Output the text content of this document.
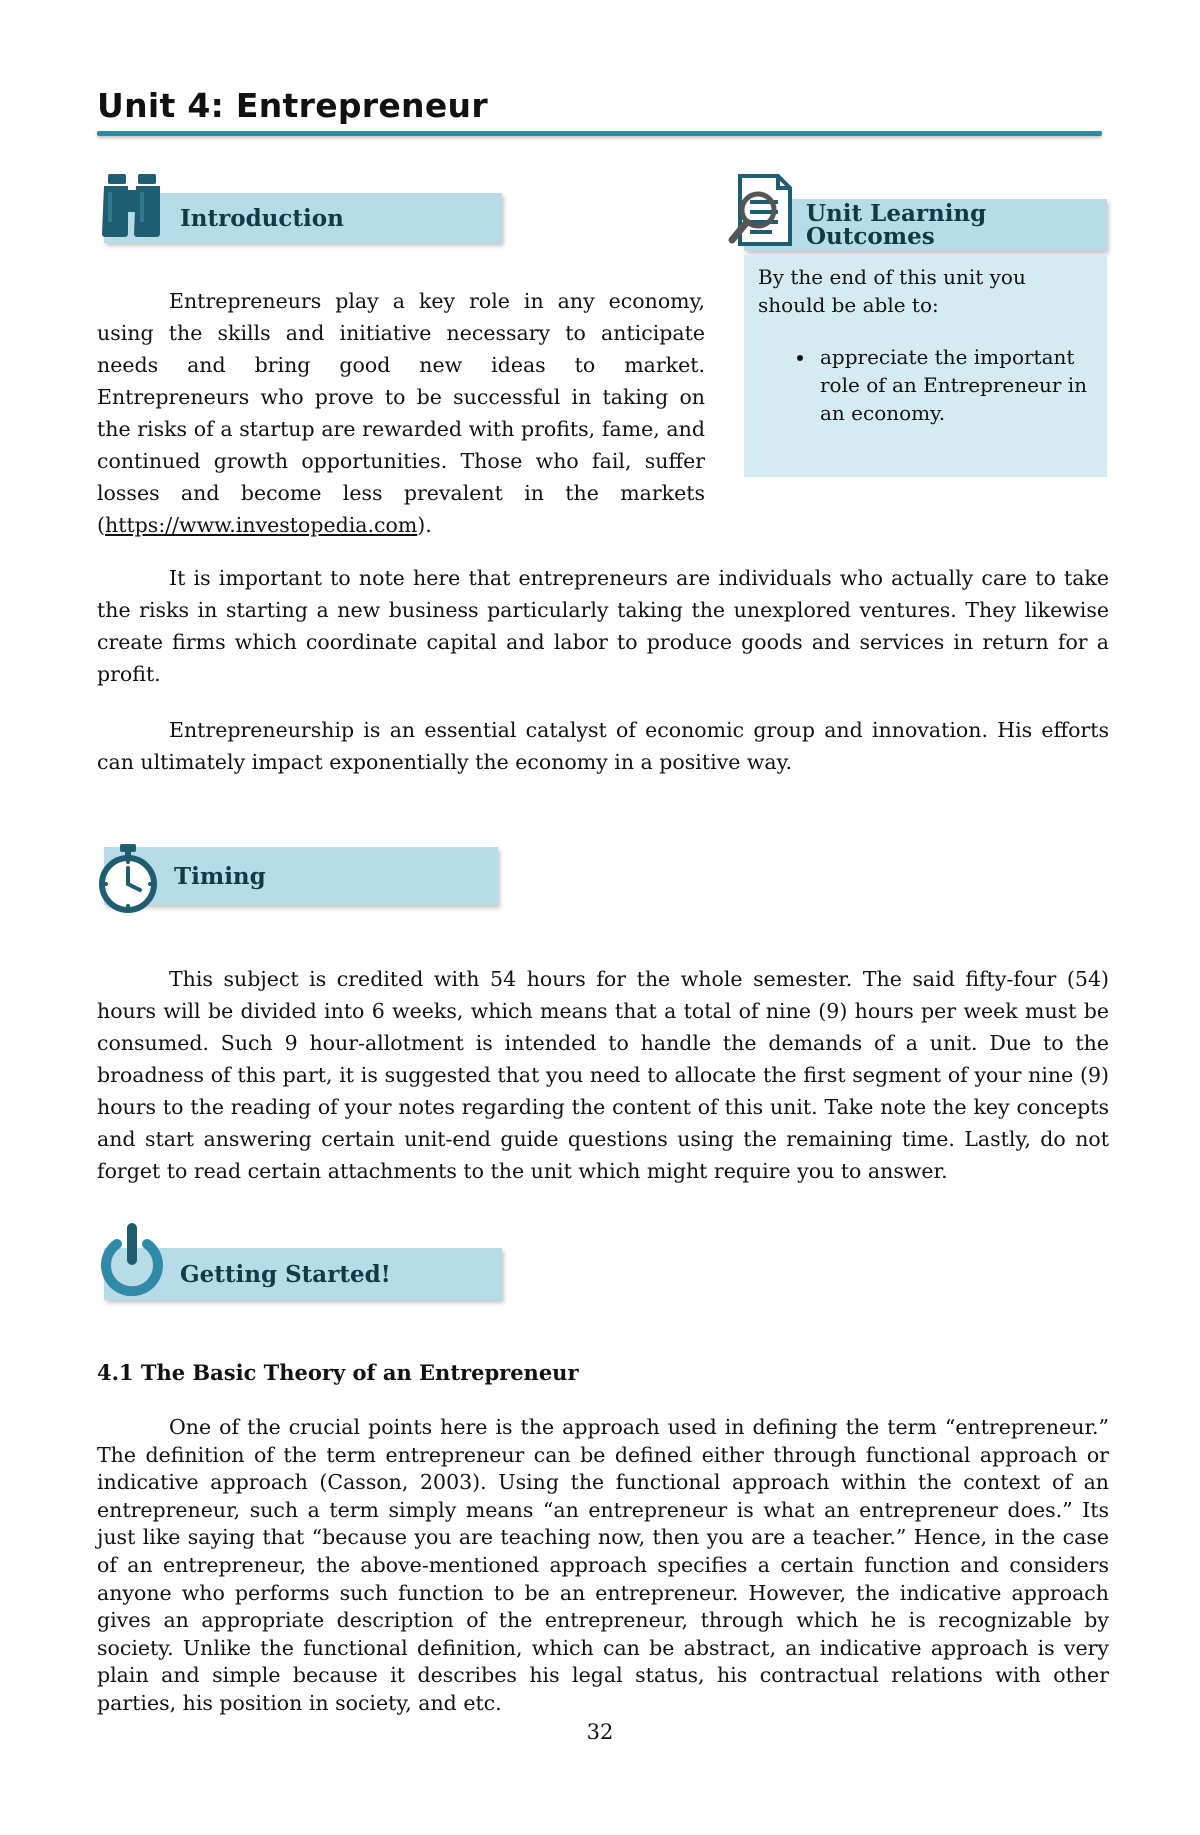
Unit 4: Entrepreneur
Introduction

Entrepreneurs play a key role in any economy, using the skills and initiative necessary to anticipate needs and bring good new ideas to market. Entrepreneurs who prove to be successful in taking on the risks of a startup are rewarded with profits, fame, and continued growth opportunities. Those who fail, suffer losses and become less prevalent in the markets (https://www.investopedia.com).

Unit Learning Outcomes
By the end of this unit you should be able to:
• appreciate the important role of an Entrepreneur in an economy.

It is important to note here that entrepreneurs are individuals who actually care to take the risks in starting a new business particularly taking the unexplored ventures. They likewise create firms which coordinate capital and labor to produce goods and services in return for a profit.

Entrepreneurship is an essential catalyst of economic group and innovation. His efforts can ultimately impact exponentially the economy in a positive way.

Timing

This subject is credited with 54 hours for the whole semester. The said fifty-four (54) hours will be divided into 6 weeks, which means that a total of nine (9) hours per week must be consumed. Such 9 hour-allotment is intended to handle the demands of a unit. Due to the broadness of this part, it is suggested that you need to allocate the first segment of your nine (9) hours to the reading of your notes regarding the content of this unit. Take note the key concepts and start answering certain unit-end guide questions using the remaining time. Lastly, do not forget to read certain attachments to the unit which might require you to answer.

Getting Started!
4.1 The Basic Theory of an Entrepreneur

One of the crucial points here is the approach used in defining the term “entrepreneur.” The definition of the term entrepreneur can be defined either through functional approach or indicative approach (Casson, 2003). Using the functional approach within the context of an entrepreneur, such a term simply means “an entrepreneur is what an entrepreneur does.” Its just like saying that “because you are teaching now, then you are a teacher.” Hence, in the case of an entrepreneur, the above-mentioned approach specifies a certain function and considers anyone who performs such function to be an entrepreneur. However, the indicative approach gives an appropriate description of the entrepreneur, through which he is recognizable by society. Unlike the functional definition, which can be abstract, an indicative approach is very plain and simple because it describes his legal status, his contractual relations with other parties, his position in society, and etc.

32
